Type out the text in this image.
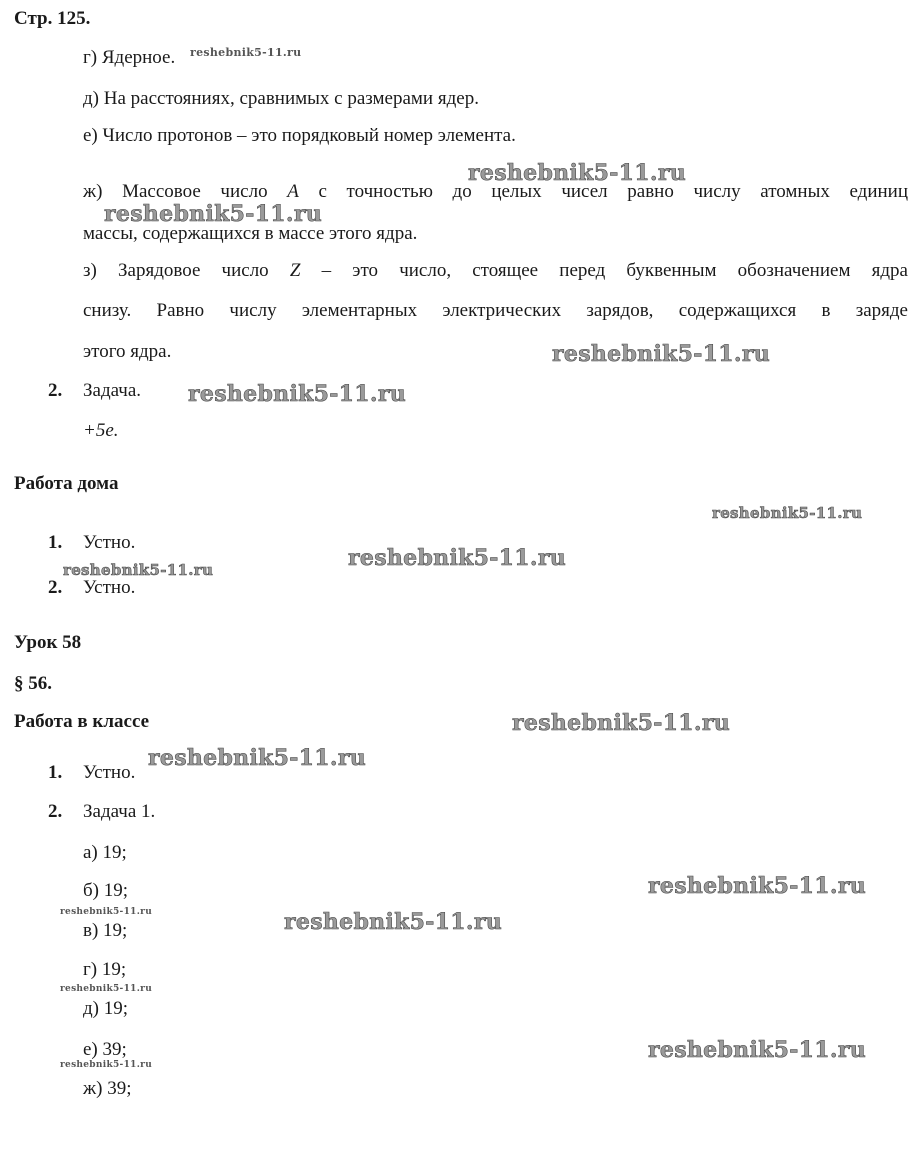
Стр. 125.
г) Ядерное.
д) На расстояниях, сравнимых с размерами ядер.
е) Число протонов – это порядковый номер элемента.
ж) Массовое число A с точностью до целых чисел равно числу атомных единиц
массы, содержащихся в массе этого ядра.
з) Зарядовое число Z – это число, стоящее перед буквенным обозначением ядра
снизу. Равно числу элементарных электрических зарядов, содержащихся в заряде
этого ядра.
2. Задача.
+5e.
Работа дома
1. Устно.
2. Устно.
Урок 58
§ 56.
Работа в классе
1. Устно.
2. Задача 1.
а) 19;
б) 19;
в) 19;
г) 19;
д) 19;
е) 39;
ж) 39;
reshebnik5-11.ru
reshebnik5-11.ru
reshebnik5-11.ru
reshebnik5-11.ru
reshebnik5-11.ru
reshebnik5-11.ru
reshebnik5-11.ru
reshebnik5-11.ru
reshebnik5-11.ru
reshebnik5-11.ru
reshebnik5-11.ru
reshebnik5-11.ru	reshebnik5-11.ru
reshebnik5-11.ru
reshebnik5-11.ru
reshebnik5-11.ru
